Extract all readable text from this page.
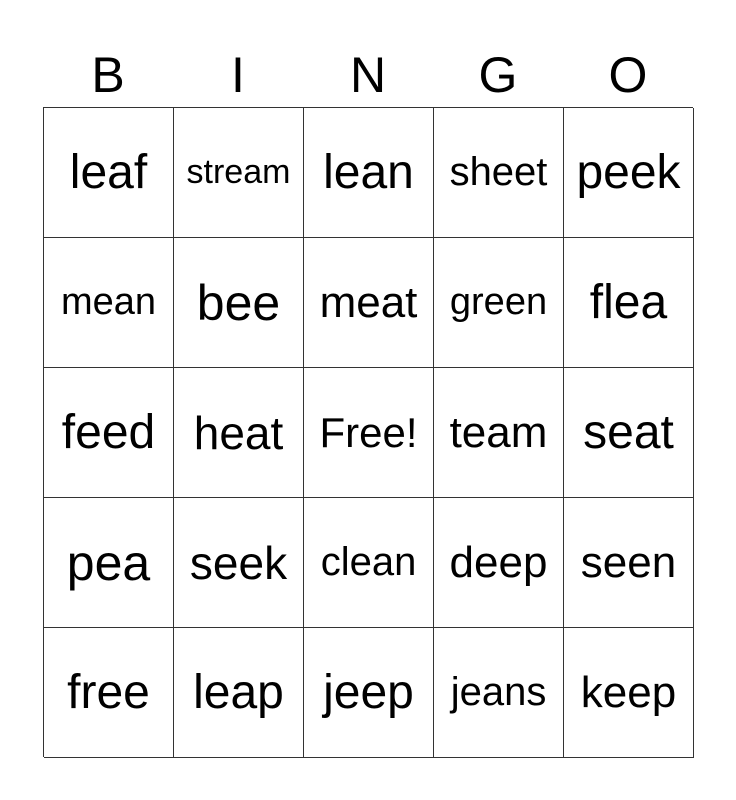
B	I	N	G	O
leaf	stream lean sheet peek
mean bee meat green flea
feed heat Free! team seat
pea seek clean deep seen
free leap jeep jeans keep
